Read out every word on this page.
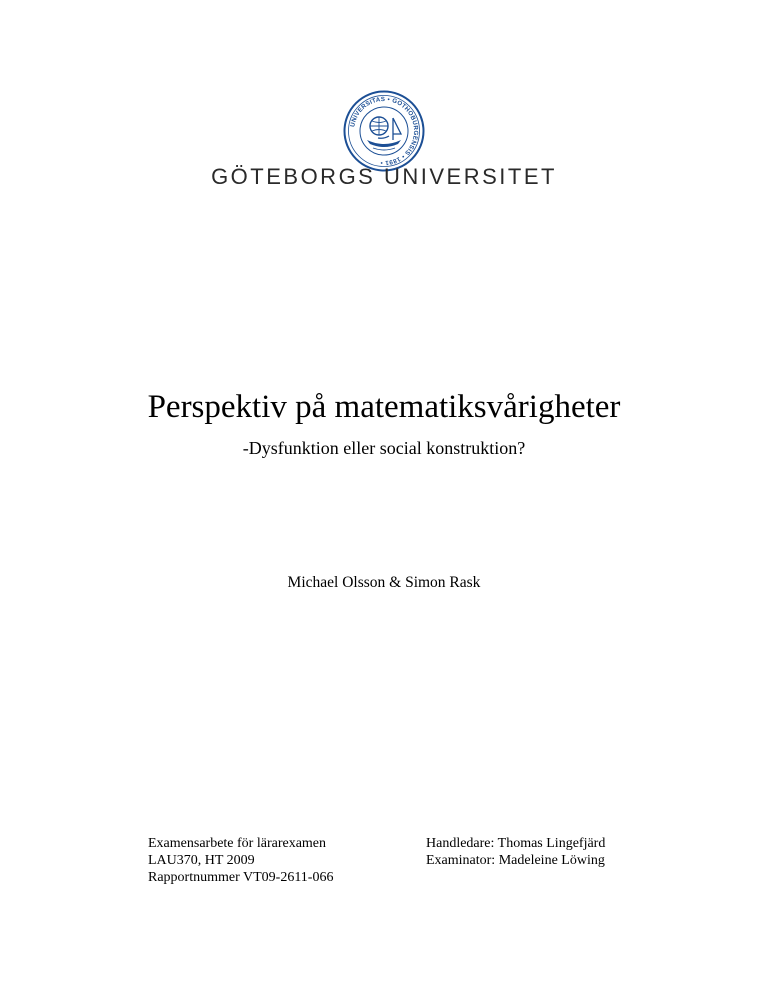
UNIVERSITAS • GOTHOBURGENSIS • 1891 •
GÖTEBORGS UNIVERSITET
Perspektiv på matematiksvårigheter
-Dysfunktion eller social konstruktion?
Michael Olsson & Simon Rask
Examensarbete för lärarexamen
LAU370, HT 2009
Rapportnummer VT09-2611-066
Handledare: Thomas Lingefjärd
Examinator: Madeleine Löwing
